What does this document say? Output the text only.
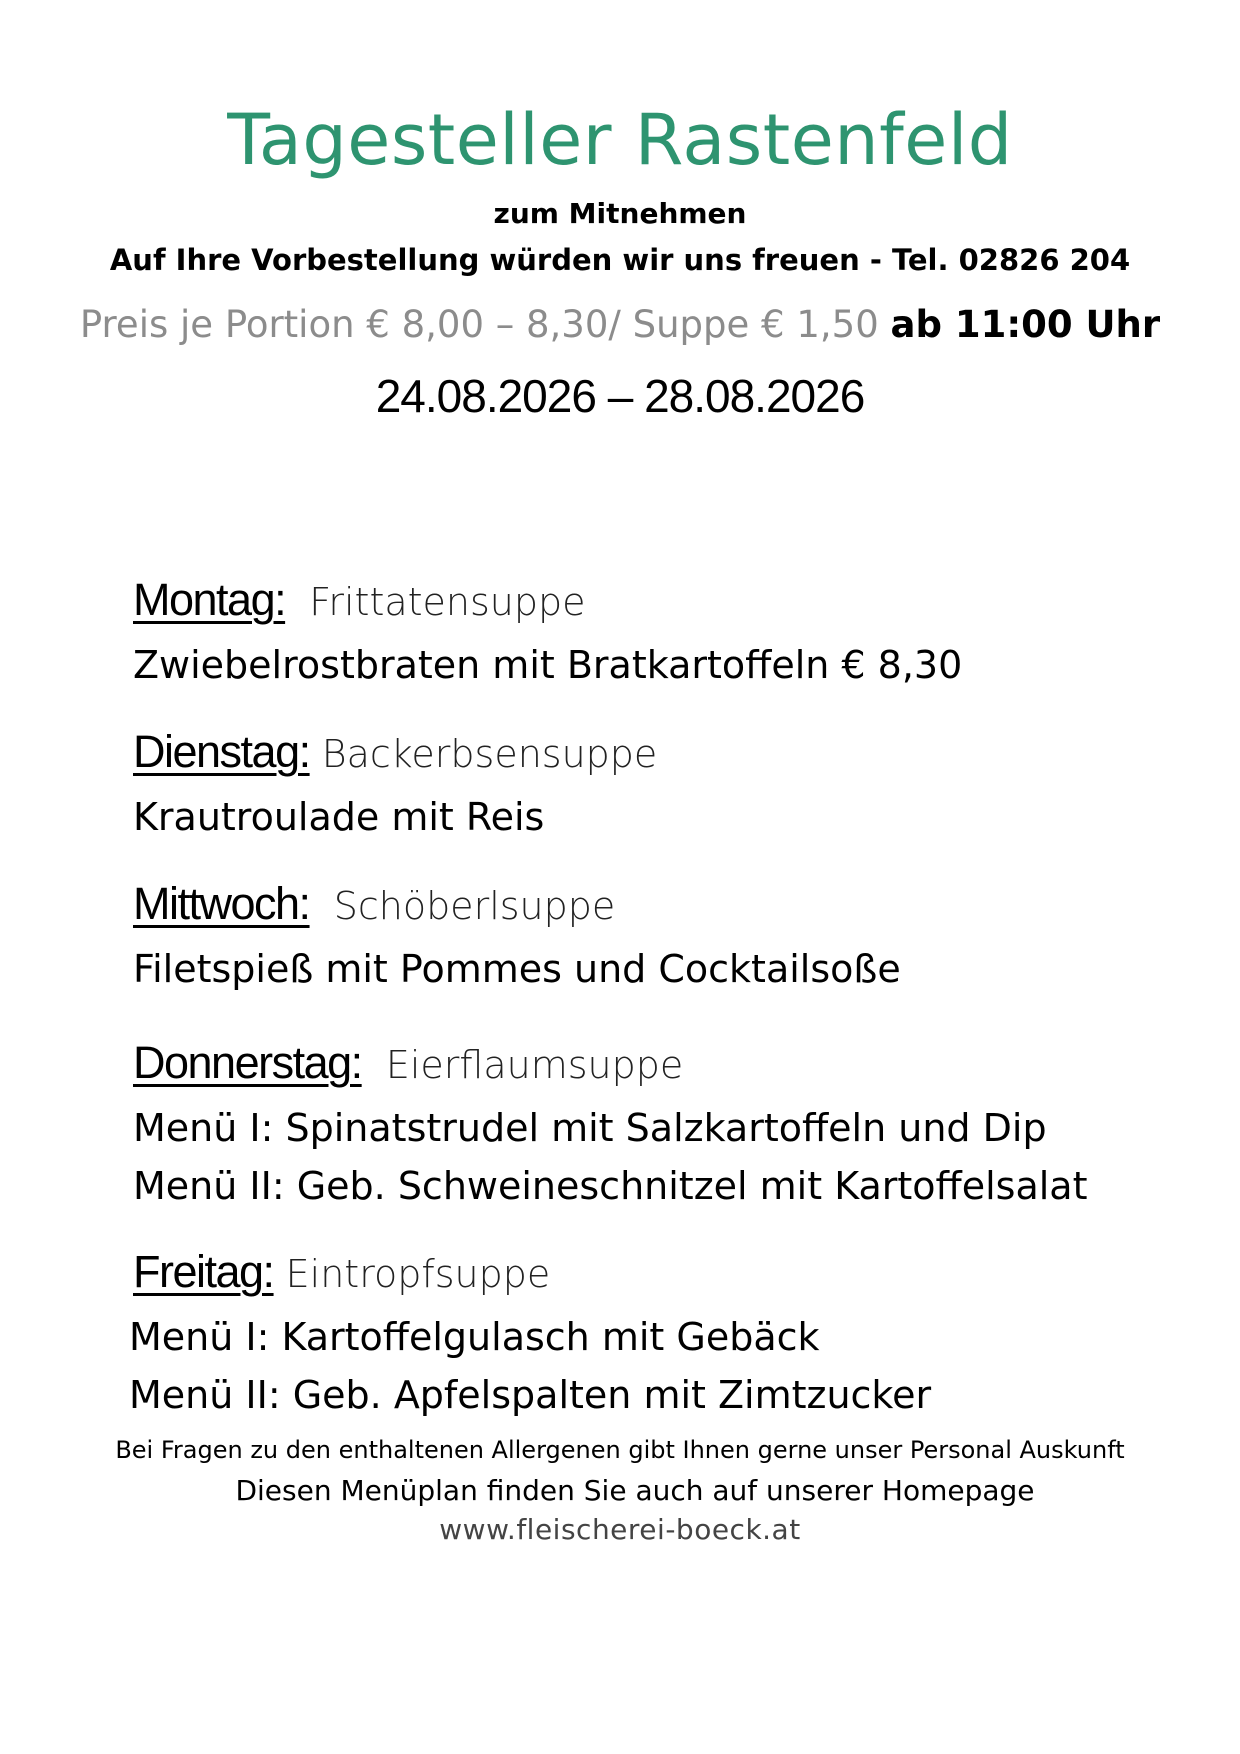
Tagesteller Rastenfeld
zum Mitnehmen
Auf Ihre Vorbestellung würden wir uns freuen - Tel. 02826 204
Preis je Portion € 8,00 – 8,30/ Suppe € 1,50 ab 11:00 Uhr
24.08.2026 – 28.08.2026
Montag: Frittatensuppe
Zwiebelrostbraten mit Bratkartoffeln € 8,30
Dienstag: Backerbsensuppe
Krautroulade mit Reis
Mittwoch: Schöberlsuppe
Filetspieß mit Pommes und Cocktailsoße
Donnerstag: Eierflaumsuppe
Menü I: Spinatstrudel mit Salzkartoffeln und Dip
Menü II: Geb. Schweineschnitzel mit Kartoffelsalat
Freitag: Eintropfsuppe
Menü I: Kartoffelgulasch mit Gebäck
Menü II: Geb. Apfelspalten mit Zimtzucker
Bei Fragen zu den enthaltenen Allergenen gibt Ihnen gerne unser Personal Auskunft
Diesen Menüplan finden Sie auch auf unserer Homepage
www.fleischerei-boeck.at
